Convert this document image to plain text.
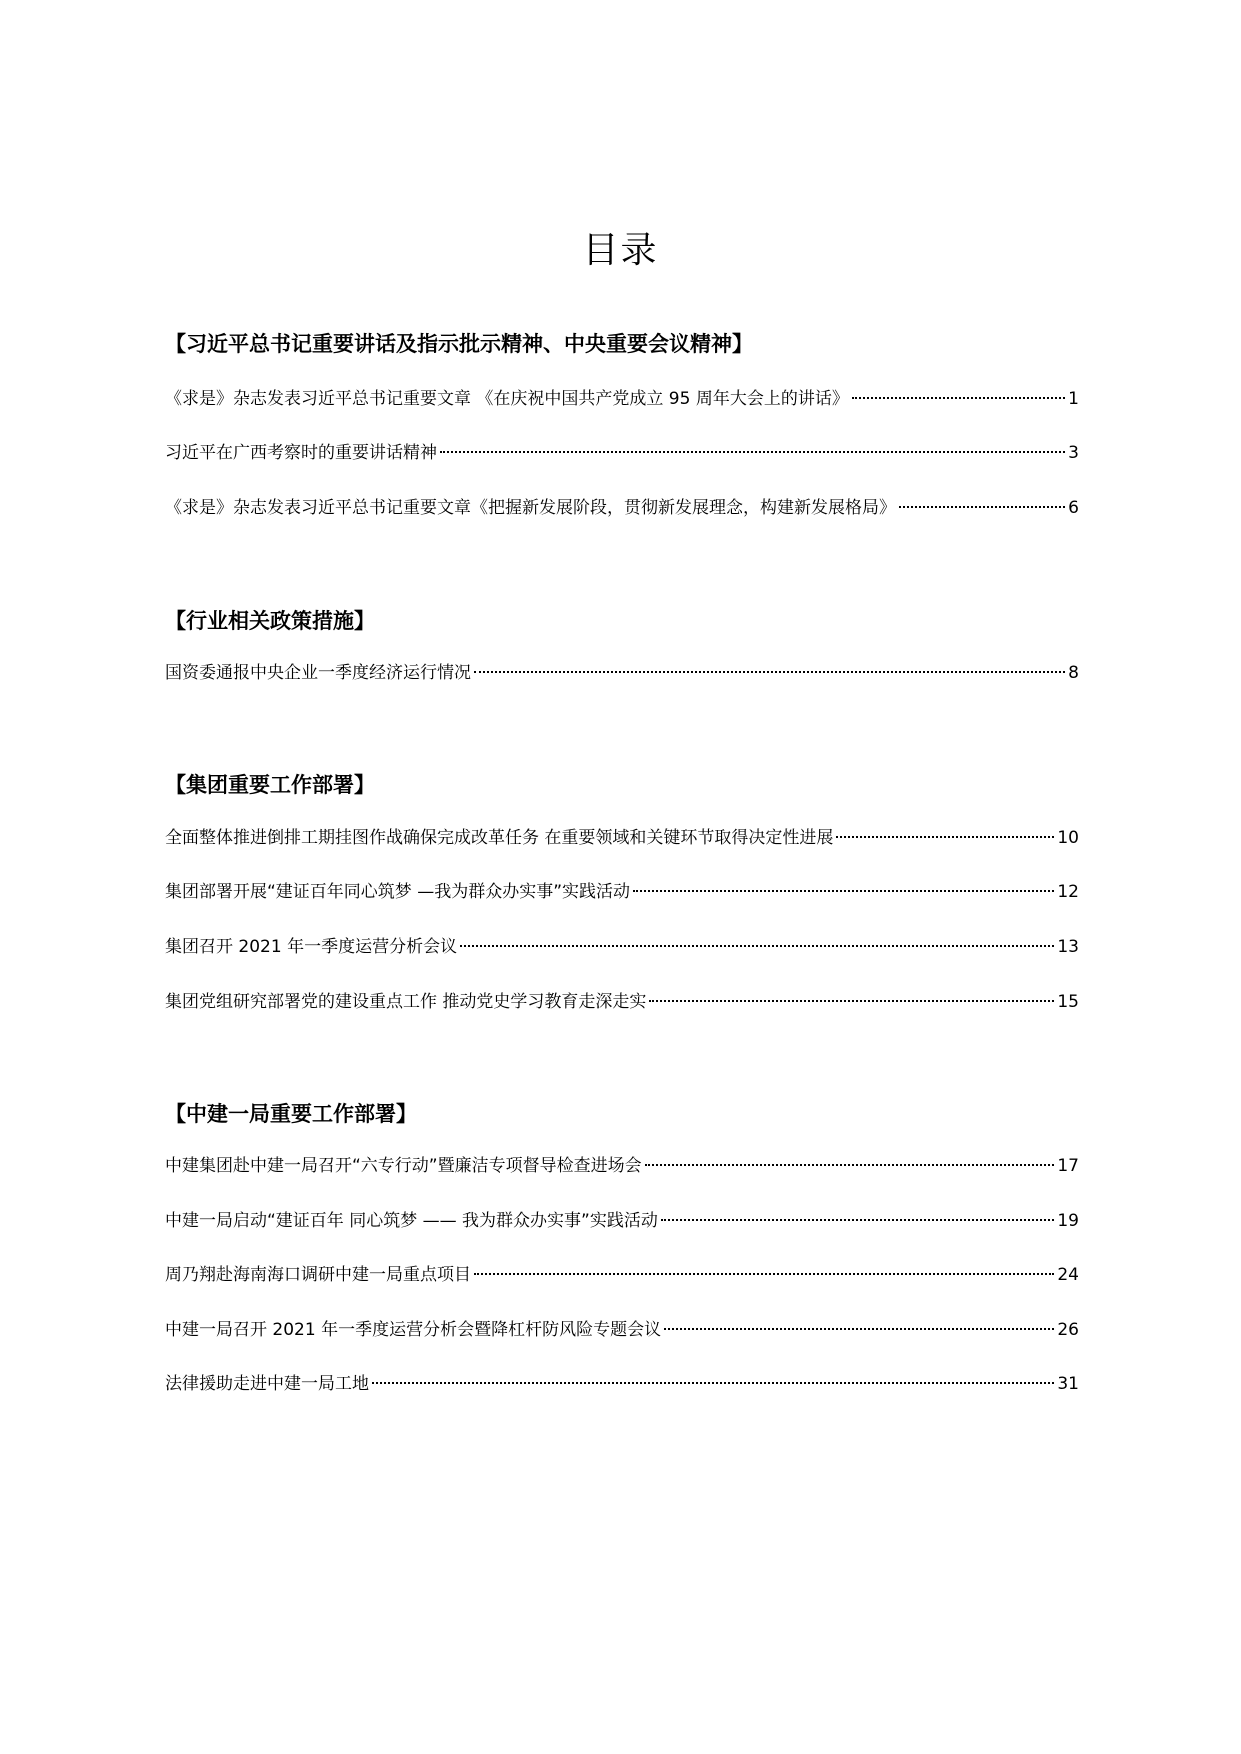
目录
【习近平总书记重要讲话及指示批示精神、中央重要会议精神】
《求是》杂志发表习近平总书记重要文章 《在庆祝中国共产党成立 95 周年大会上的讲话》	1
习近平在广西考察时的重要讲话精神	3
《求是》杂志发表习近平总书记重要文章《把握新发展阶段，贯彻新发展理念，构建新发展格局》	6
【行业相关政策措施】
国资委通报中央企业一季度经济运行情况	8
【集团重要工作部署】
全面整体推进倒排工期挂图作战确保完成改革任务 在重要领域和关键环节取得决定性进展	10
集团部署开展“建证百年同心筑梦 —我为群众办实事”实践活动	12
集团召开 2021 年一季度运营分析会议	13
集团党组研究部署党的建设重点工作 推动党史学习教育走深走实	15
【中建一局重要工作部署】
中建集团赴中建一局召开“六专行动”暨廉洁专项督导检查进场会	17
中建一局启动“建证百年 同心筑梦 —— 我为群众办实事”实践活动	19
周乃翔赴海南海口调研中建一局重点项目	24
中建一局召开 2021 年一季度运营分析会暨降杠杆防风险专题会议	26
法律援助走进中建一局工地	31
